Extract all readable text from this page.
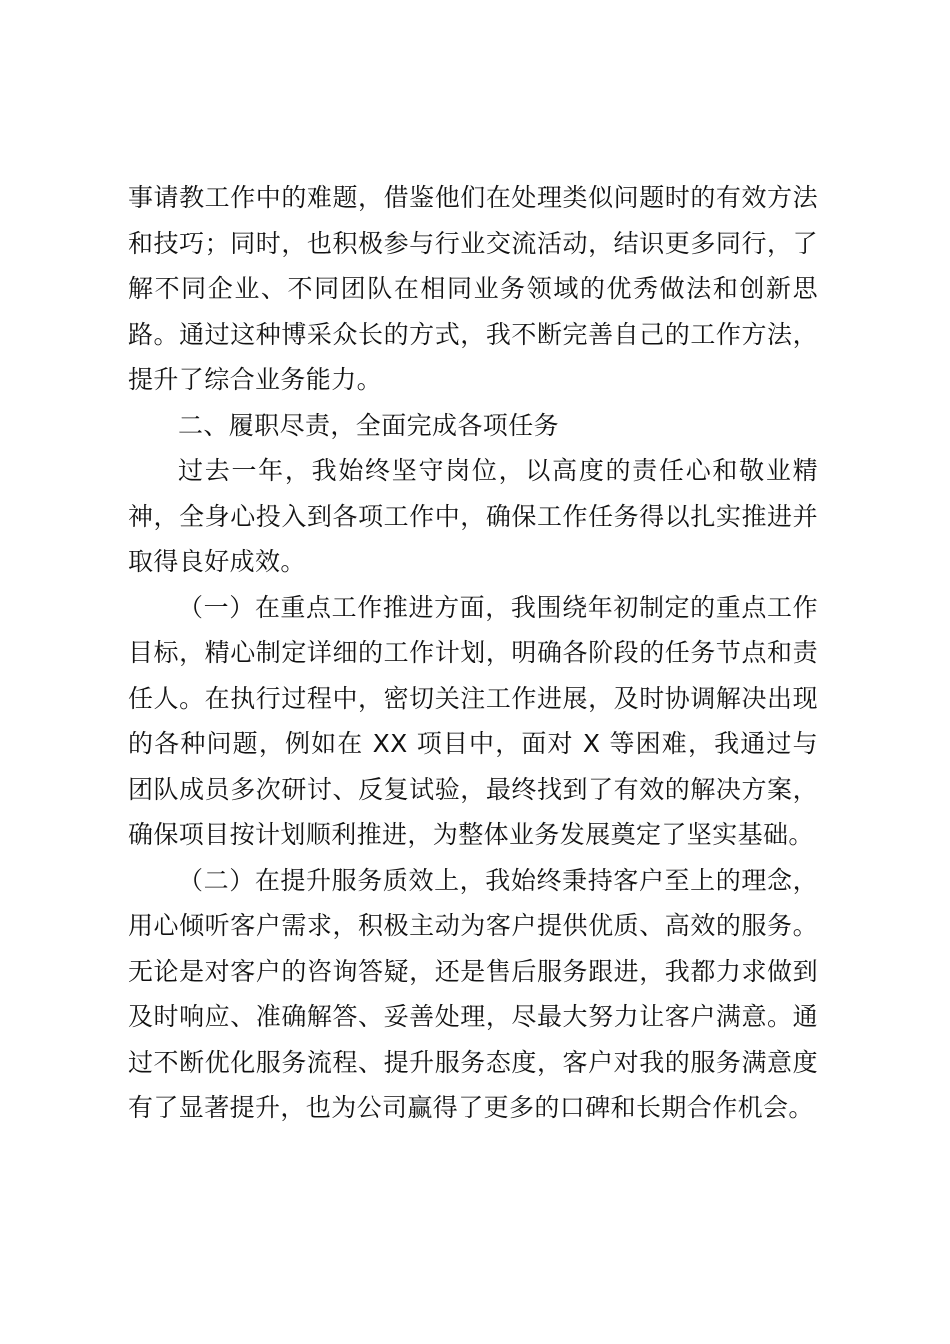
事请教工作中的难题，借鉴他们在处理类似问题时的有效方法和技巧；同时，也积极参与行业交流活动，结识更多同行，了解不同企业、不同团队在相同业务领域的优秀做法和创新思路。通过这种博采众长的方式，我不断完善自己的工作方法，提升了综合业务能力。

二、履职尽责，全面完成各项任务

过去一年，我始终坚守岗位，以高度的责任心和敬业精神，全身心投入到各项工作中，确保工作任务得以扎实推进并取得良好成效。

（一）在重点工作推进方面，我围绕年初制定的重点工作目标，精心制定详细的工作计划，明确各阶段的任务节点和责任人。在执行过程中，密切关注工作进展，及时协调解决出现的各种问题，例如在 XX 项目中，面对 X 等困难，我通过与团队成员多次研讨、反复试验，最终找到了有效的解决方案，确保项目按计划顺利推进，为整体业务发展奠定了坚实基础。

（二）在提升服务质效上，我始终秉持客户至上的理念，用心倾听客户需求，积极主动为客户提供优质、高效的服务。无论是对客户的咨询答疑，还是售后服务跟进，我都力求做到及时响应、准确解答、妥善处理，尽最大努力让客户满意。通过不断优化服务流程、提升服务态度，客户对我的服务满意度有了显著提升，也为公司赢得了更多的口碑和长期合作机会。
